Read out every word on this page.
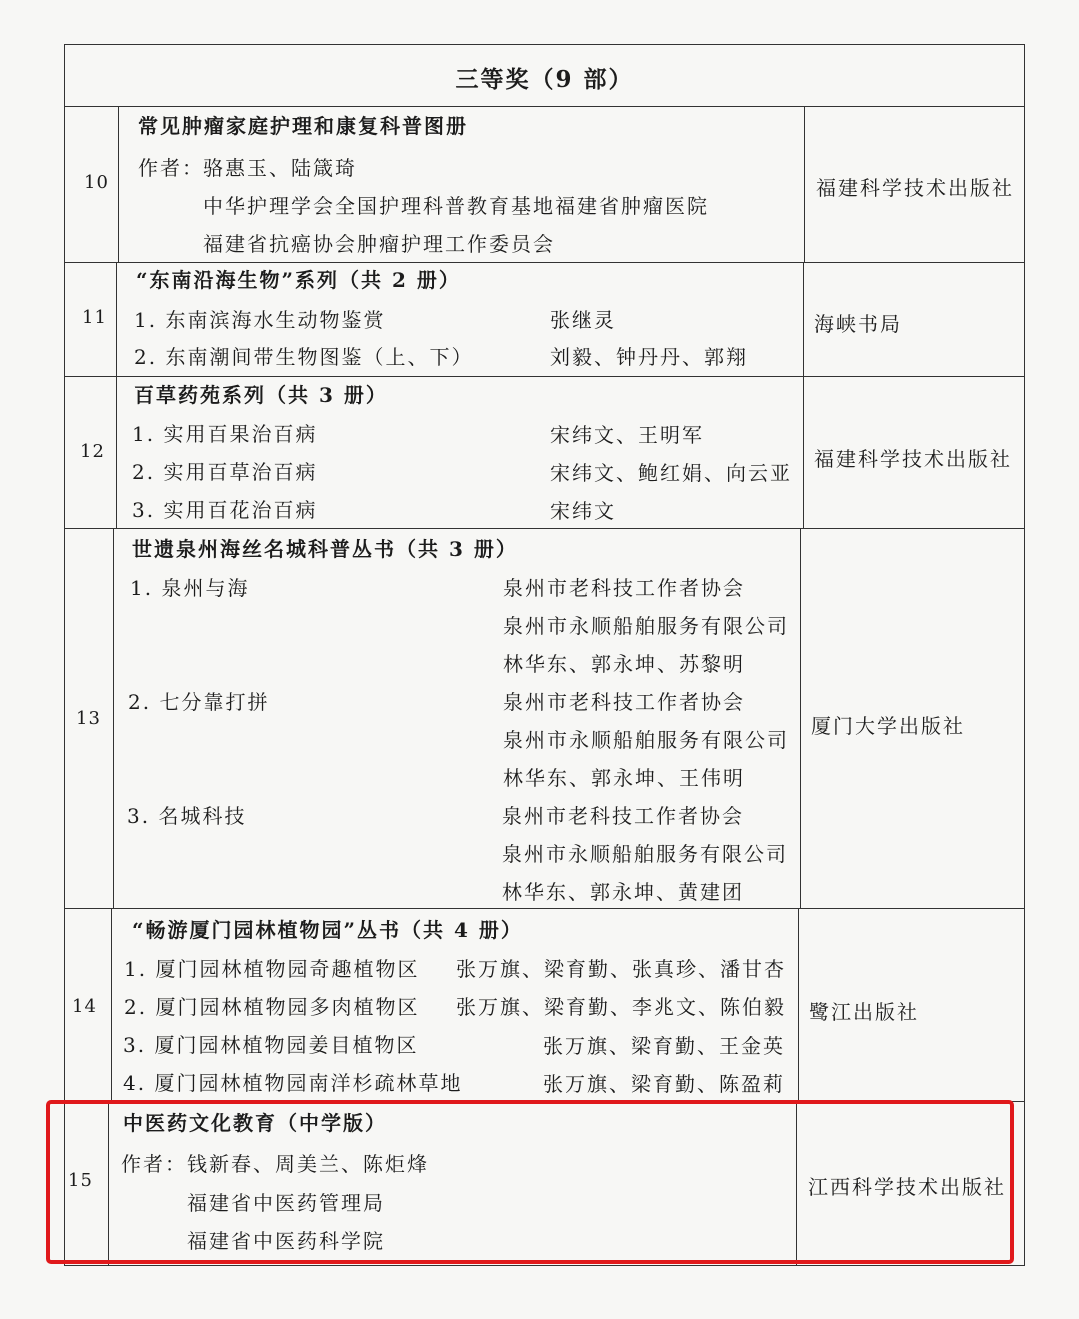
三等奖（9 部）
10
常见肿瘤家庭护理和康复科普图册
作者： 骆惠玉、陆箴琦
中华护理学会全国护理科普教育基地福建省肿瘤医院
福建省抗癌协会肿瘤护理工作委员会
福建科学技术出版社
11
“东南沿海生物”系列（共 2 册）
1. 东南滨海水生动物鉴赏	张继灵
2. 东南潮间带生物图鉴（上、下）	刘毅、钟丹丹、郭翔
海峡书局
12
百草药苑系列（共 3 册）
1. 实用百果治百病	宋纬文、王明军
2. 实用百草治百病	宋纬文、鲍红娟、向云亚
3. 实用百花治百病	宋纬文
福建科学技术出版社
13
世遗泉州海丝名城科普丛书（共 3 册）
1. 泉州与海	泉州市老科技工作者协会
泉州市永顺船舶服务有限公司
林华东、郭永坤、苏黎明
2. 七分靠打拼	泉州市老科技工作者协会
泉州市永顺船舶服务有限公司
林华东、郭永坤、王伟明
3. 名城科技	泉州市老科技工作者协会
泉州市永顺船舶服务有限公司
林华东、郭永坤、黄建团
厦门大学出版社
14
“畅游厦门园林植物园”丛书（共 4 册）
1. 厦门园林植物园奇趣植物区 张万旗、梁育勤、张真珍、潘甘杏
2. 厦门园林植物园多肉植物区 张万旗、梁育勤、李兆文、陈伯毅
3. 厦门园林植物园姜目植物区	张万旗、梁育勤、王金英
4. 厦门园林植物园南洋杉疏林草地	张万旗、梁育勤、陈盈莉
鹭江出版社
15
中医药文化教育（中学版）
作者： 钱新春、周美兰、陈炬烽
福建省中医药管理局
福建省中医药科学院
江西科学技术出版社
